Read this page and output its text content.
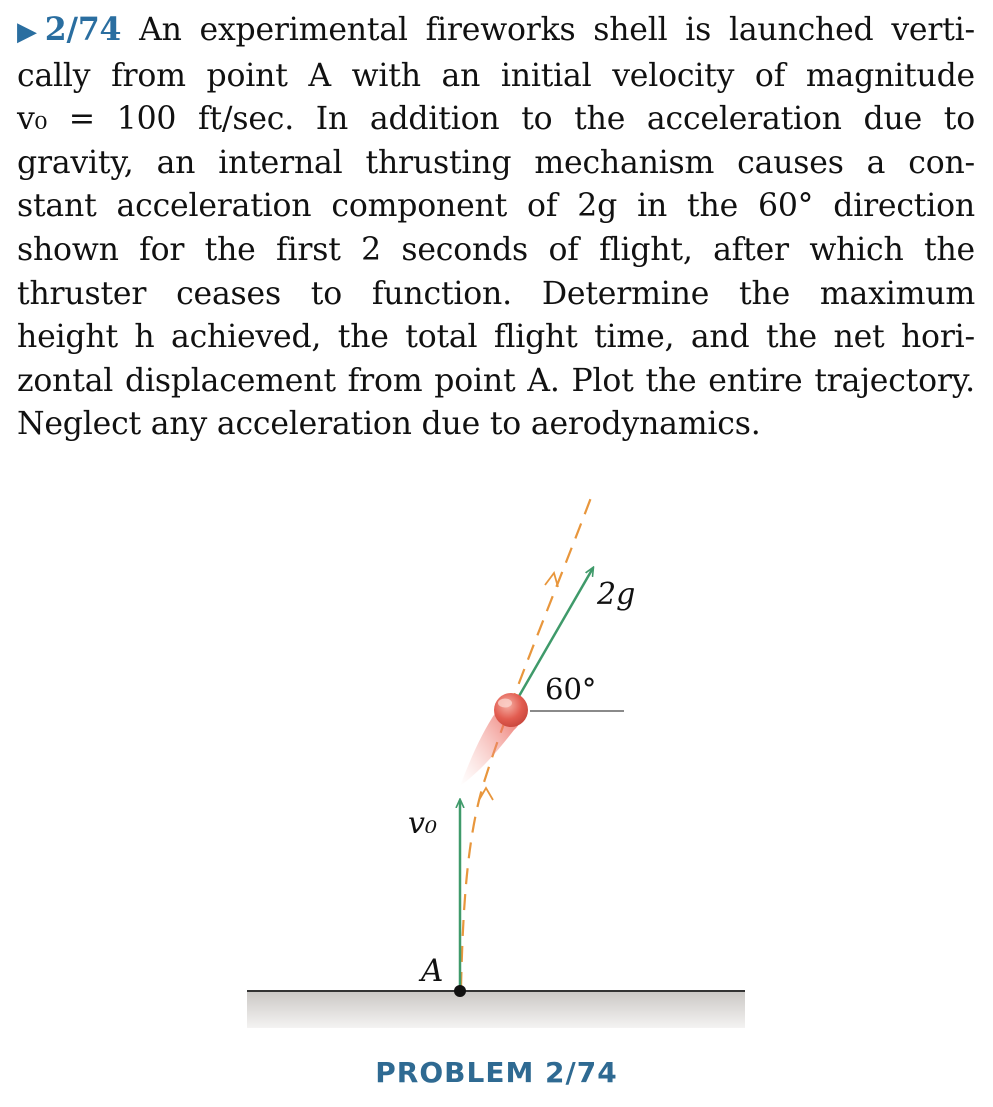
▶2/74 An experimental fireworks shell is launched verti-
cally from point A with an initial velocity of magnitude
v₀ = 100 ft/sec. In addition to the acceleration due to
gravity, an internal thrusting mechanism causes a con-
stant acceleration component of 2g in the 60° direction
shown for the first 2 seconds of flight, after which the
thruster ceases to function. Determine the maximum
height h achieved, the total flight time, and the net hori-
zontal displacement from point A. Plot the entire trajectory.
Neglect any acceleration due to aerodynamics.
2g
60°
v₀
A
PROBLEM 2/74
